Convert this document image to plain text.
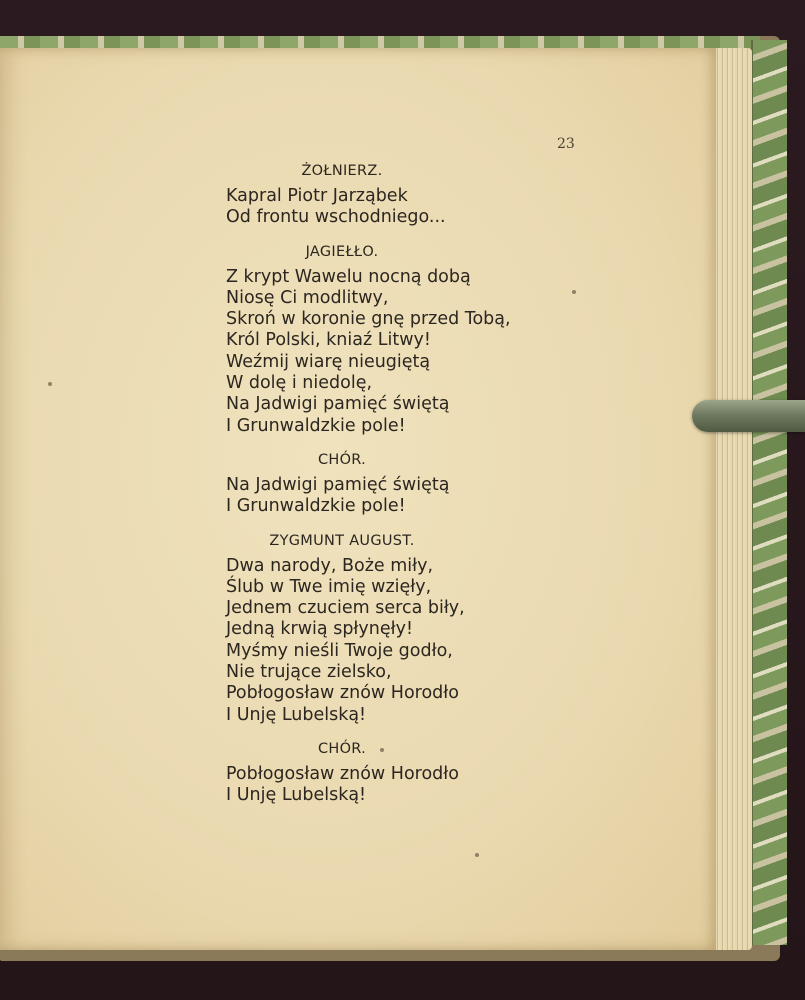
23

ŻOŁNIERZ.

Kapral Piotr Jarząbek
Od frontu wschodniego...

JAGIEŁŁO.

Z krypt Wawelu nocną dobą
Niosę Ci modlitwy,
Skroń w koronie gnę przed Tobą,
Król Polski, kniaź Litwy!
Weźmij wiarę nieugiętą
W dolę i niedolę,
Na Jadwigi pamięć świętą
I Grunwaldzkie pole!

CHÓR.

Na Jadwigi pamięć świętą
I Grunwaldzkie pole!

ZYGMUNT AUGUST.

Dwa narody, Boże miły,
Ślub w Twe imię wzięły,
Jednem czuciem serca biły,
Jedną krwią spłynęły!
Myśmy nieśli Twoje godło,
Nie trujące zielsko,
Pobłogosław znów Horodło
I Unję Lubelską!

CHÓR.

Pobłogosław znów Horodło
I Unję Lubelską!
